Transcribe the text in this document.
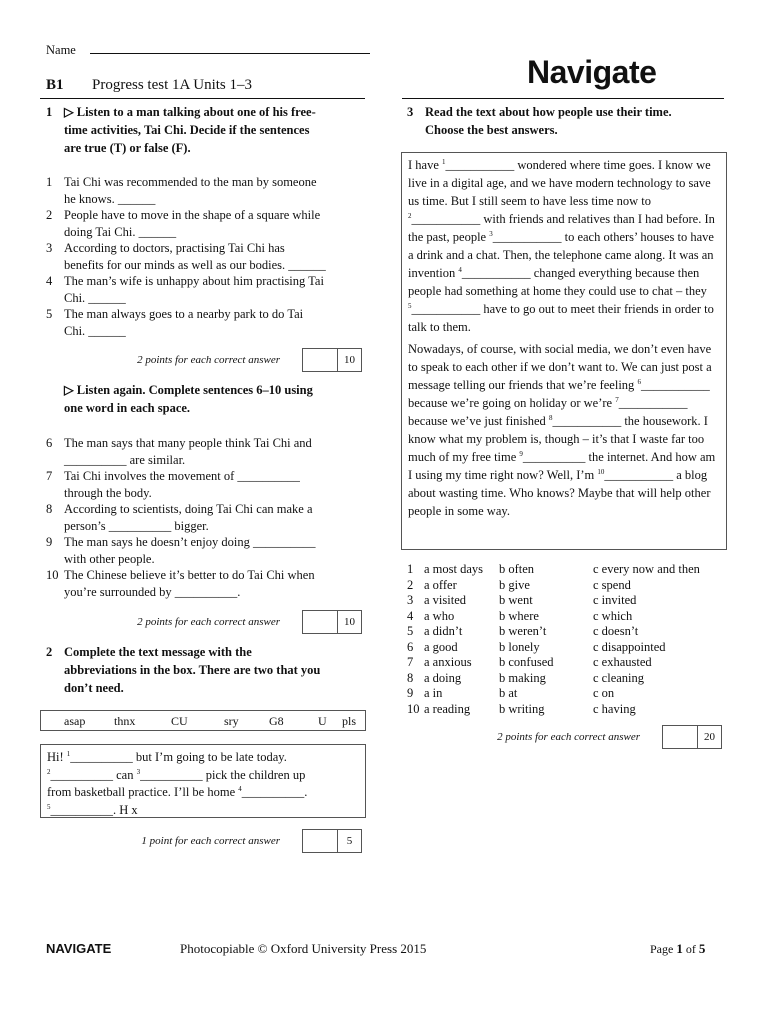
Name
B1 Progress test 1A Units 1–3	Navigate
1 ▷ Listen to a man talking about one of his free-
time activities, Tai Chi. Decide if the sentences
are true (T) or false (F).
1 Tai Chi was recommended to the man by someone
he knows. ______
2 People have to move in the shape of a square while
doing Tai Chi. ______
3 According to doctors, practising Tai Chi has
benefits for our minds as well as our bodies. ______
4 The man’s wife is unhappy about him practising Tai
Chi. ______
5 The man always goes to a nearby park to do Tai
Chi. ______
2 points for each correct answer	10
▷ Listen again. Complete sentences 6–10 using
one word in each space.
6 The man says that many people think Tai Chi and
__________ are similar.
7 Tai Chi involves the movement of __________
through the body.
8 According to scientists, doing Tai Chi can make a
person’s __________ bigger.
9 The man says he doesn’t enjoy doing __________
with other people.
10 The Chinese believe it’s better to do Tai Chi when
you’re surrounded by __________.
2 points for each correct answer	10
2 Complete the text message with the
abbreviations in the box. There are two that you
don’t need.
asap thnx	CU	sry	G8	U pls
Hi! $^1$__________ but I’m going to be late today.
$^2$__________ can $^3$__________ pick the children up
from basketball practice. I’ll be home $^4$__________.
$^5$__________. H x
1 point for each correct answer	5
3 Read the text about how people use their time.
Choose the best answers.

I have $^1$___________ wondered where time goes. I know we live in a digital age, and we have modern technology to save us time. But I still seem to have less time now to $^2$___________ with friends and relatives than I had before. In the past, people $^3$___________ to each others’ houses to have a drink and a chat. Then, the telephone came along. It was an invention $^4$___________ changed everything because then people had something at home they could use to chat – they $^5$___________ have to go out to meet their friends in order to talk to them.

Nowadays, of course, with social media, we don’t even have to speak to each other if we don’t want to. We can just post a message telling our friends that we’re feeling $^6$___________ because we’re going on holiday or we’re $^7$___________ because we’ve just finished $^8$___________ the housework. I know what my problem is, though – it’s that I waste far too much of my free time $^9$__________ the internet. And how am I using my time right now? Well, I’m $^{10}$___________ a blog about wasting time. Who knows? Maybe that will help other people in some way.

1 a most days b often	c every now and then
2 a offer	b give	c spend
3 a visited	b went	c invited
4 a who	b where	c which
5 a didn’t	b weren’t	c doesn’t
6 a good	b lonely	c disappointed
7 a anxious b confused	c exhausted
8 a doing	b making	c cleaning
9 a in	b at	c on
10 a reading b writing	c having
2 points for each correct answer	20
NAVIGATE	Photocopiable © Oxford University Press 2015	Page 1 of 5
